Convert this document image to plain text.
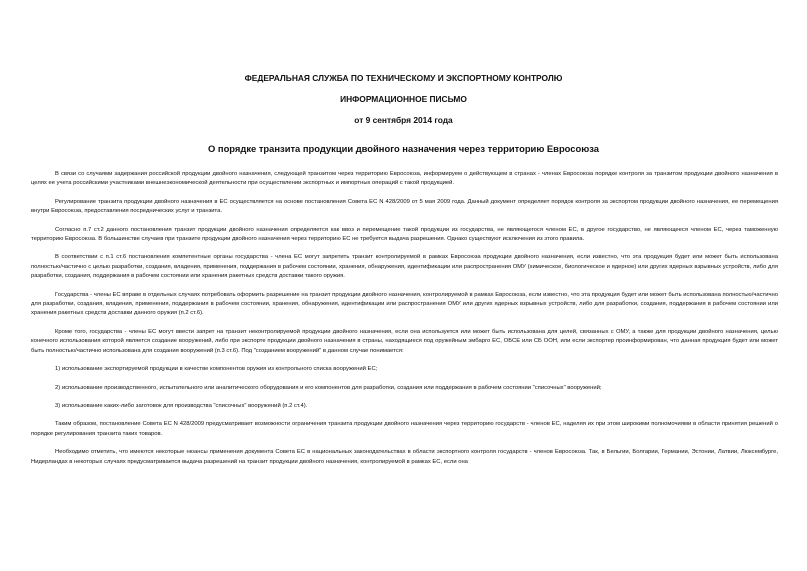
ФЕДЕРАЛЬНАЯ СЛУЖБА ПО ТЕХНИЧЕСКОМУ И ЭКСПОРТНОМУ КОНТРОЛЮ
ИНФОРМАЦИОННОЕ ПИСЬМО
от 9 сентября 2014 года
О порядке транзита продукции двойного назначения через территорию Евросоюза

В связи со случаями задержания российской продукции двойного назначения, следующей транзитом через территорию Евросоюза, информируем о действующем в странах - членах Евросоюза порядке контроля за транзитом продукции двойного назначения в целях ее учета российскими участниками внешнеэкономической деятельности при осуществлении экспортных и импортных операций с такой продукцией.

Регулирование транзита продукции двойного назначения в ЕС осуществляется на основе постановления Совета ЕС N 428/2009 от 5 мая 2009 года. Данный документ определяет порядок контроля за экспортом продукции двойного назначения, ее перемещения внутри Евросоюза, предоставления посреднических услуг и транзита.

Согласно п.7 ст.2 данного постановления транзит продукции двойного назначения определяется как ввоз и перемещение такой продукции из государства, не являющегося членом ЕС, в другое государство, не являющееся членом ЕС, через таможенную территорию Евросоюза. В большинстве случаев при транзите продукции двойного назначения через территорию ЕС не требуется выдача разрешения. Однако существуют исключения из этого правила.

В соответствии с п.1 ст.6 постановления компетентные органы государства - члена ЕС могут запретить транзит контролируемой в рамках Евросоюза продукции двойного назначения, если известно, что эта продукция будет или может быть использована полностью/частично с целью разработки, создания, владения, применения, поддержания в рабочем состоянии, хранения, обнаружения, идентификации или распространения ОМУ (химическое, биологическое и ядерное) или других ядерных взрывных устройств, либо для разработки, создания, поддержания в рабочем состоянии или хранения ракетных средств доставки такого оружия.

Государства - члены ЕС вправе в отдельных случаях потребовать оформить разрешение на транзит продукции двойного назначения, контролируемой в рамках Евросоюза, если известно, что эта продукция будет или может быть использована полностью/частично для разработки, создания, владения, применения, поддержания в рабочем состоянии, хранения, обнаружения, идентификации или распространения ОМУ или других ядерных взрывных устройств, либо для разработки, создания, поддержания в рабочем состоянии или хранения ракетных средств доставки данного оружия (п.2 ст.6).

Кроме того, государства - члены ЕС могут ввести запрет на транзит неконтролируемой продукции двойного назначения, если она используется или может быть использована для целей, связанных с ОМУ, а также для продукции двойного назначения, целью конечного использования которой является создание вооружений, либо при экспорте продукции двойного назначения в страны, находящиеся под оружейным эмбарго ЕС, ОБСЕ или СБ ООН, или если экспортер проинформирован, что данная продукция будет или может быть полностью/частично использована для создания вооружений (п.3 ст.6). Под "созданием вооружений" в данном случае понимается:

1) использование экспортируемой продукции в качестве компонентов оружия из контрольного списка вооружений ЕС;

2) использование производственного, испытательного или аналитического оборудования и его компонентов для разработки, создания или поддержания в рабочем состоянии "списочных" вооружений;

3) использование каких-либо заготовок для производства "списочных" вооружений (п.2 ст.4).

Таким образом, постановление Совета ЕС N 428/2009 предусматривает возможности ограничения транзита продукции двойного назначения через территорию государств - членов ЕС, наделяя их при этом широкими полномочиями в области принятия решений о порядке регулирования транзита таких товаров.

Необходимо отметить, что имеются некоторые нюансы применения документа Совета ЕС в национальных законодательствах в области экспортного контроля государств - членов Евросоюза. Так, в Бельгии, Болгарии, Германии, Эстонии, Латвии, Люксембурге, Нидерландах в некоторых случаях предусматривается выдача разрешений на транзит продукции двойного назначения, контролируемой в рамках ЕС, если она
